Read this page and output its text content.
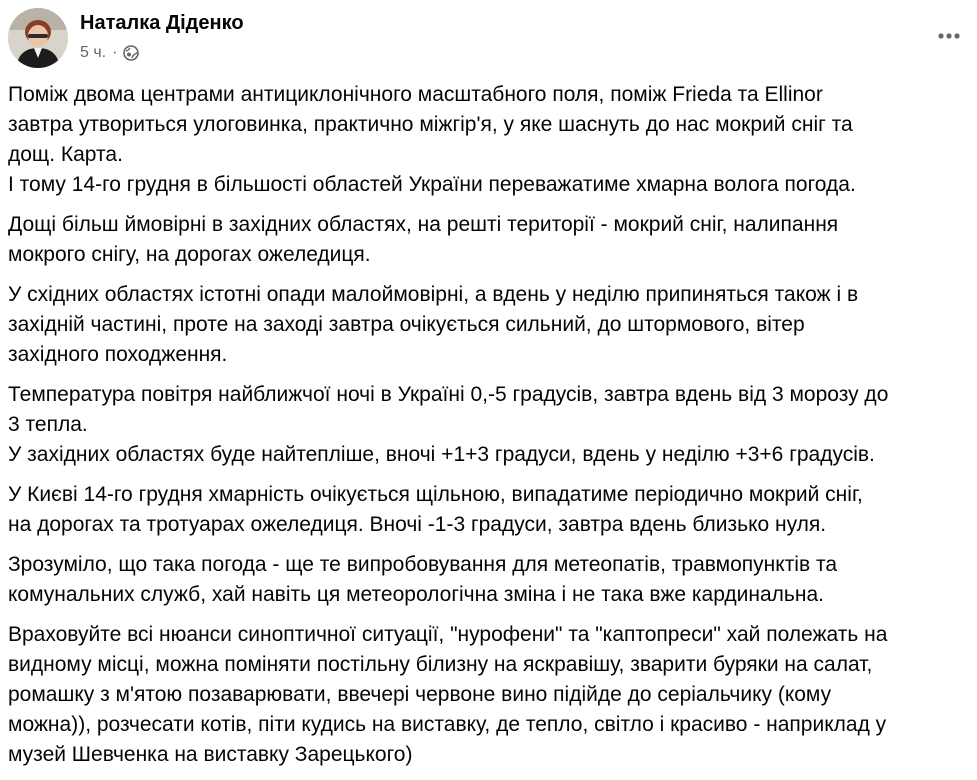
Наталка Діденко
5 ч. ·

Поміж двома центрами антициклонічного масштабного поля, поміж Frieda та Ellinor
завтра утвориться улоговинка, практично міжгір'я, у яке шаснуть до нас мокрий сніг та
дощ. Карта.
І тому 14-го грудня в більшості областей України переважатиме хмарна волога погода.

Дощі більш ймовірні в західних областях, на решті території - мокрий сніг, налипання
мокрого снігу, на дорогах ожеледиця.

У східних областях істотні опади малоймовірні, а вдень у неділю припиняться також і в
західній частині, проте на заході завтра очікується сильний, до штормового, вітер
західного походження.

Температура повітря найближчої ночі в Україні 0,-5 градусів, завтра вдень від 3 морозу до
3 тепла.
У західних областях буде найтепліше, вночі +1+3 градуси, вдень у неділю +3+6 градусів.

У Києві 14-го грудня хмарність очікується щільною, випадатиме періодично мокрий сніг,
на дорогах та тротуарах ожеледиця. Вночі -1-3 градуси, завтра вдень близько нуля.

Зрозуміло, що така погода - ще те випробовування для метеопатів, травмопунктів та
комунальних служб, хай навіть ця метеорологічна зміна і не така вже кардинальна.

Враховуйте всі нюанси синоптичної ситуації, "нурофени" та "каптопреси" хай полежать на
видному місці, можна поміняти постільну білизну на яскравішу, зварити буряки на салат,
ромашку з м'ятою позаварювати, ввечері червоне вино підійде до серіальчику (кому
можна)), розчесати котів, піти кудись на виставку, де тепло, світло і красиво - наприклад у
музей Шевченка на виставку Зарецького)
